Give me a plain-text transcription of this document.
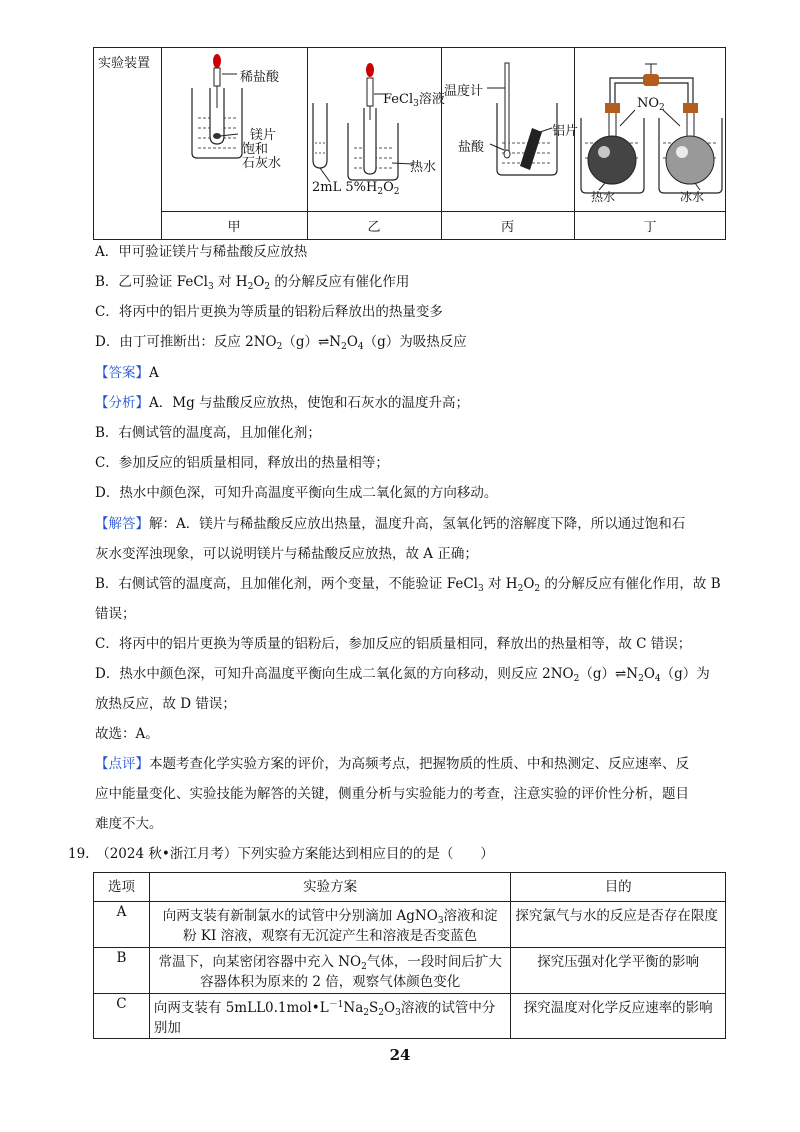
实验装置
稀盐酸
镁片
饱和
石灰水
FeCl$_3$溶液
热水
2mL $5\%H_2O_2$
温度计
盐酸
铝片
$NO_2$
热水	冰水
甲	乙	丙	丁
A．甲可验证镁片与稀盐酸反应放热
B．乙可验证 FeCl$_3$ 对 $H_2O_2$ 的分解反应有催化作用
C．将丙中的铝片更换为等质量的铝粉后释放出的热量变多
D．由丁可推断出：反应 $2NO_2(g)\rightleftharpoons N_2O_4(g)$为吸热反应
【答案】A
【分析】A．Mg 与盐酸反应放热，使饱和石灰水的温度升高；
B．右侧试管的温度高，且加催化剂；
C．参加反应的铝质量相同，释放出的热量相等；
D．热水中颜色深，可知升高温度平衡向生成二氧化氮的方向移动。
【解答】解：A．镁片与稀盐酸反应放出热量，温度升高，氢氧化钙的溶解度下降，所以通过饱和石
灰水变浑浊现象，可以说明镁片与稀盐酸反应放热，故 A 正确；
B．右侧试管的温度高，且加催化剂，两个变量，不能验证 FeCl$_3$ 对 $H_2O_2$ 的分解反应有催化作用，故 B
错误；
C．将丙中的铝片更换为等质量的铝粉后，参加反应的铝质量相同，释放出的热量相等，故 C 错误；
D．热水中颜色深，可知升高温度平衡向生成二氧化氮的方向移动，则反应 $2NO_2(g)\rightleftharpoons N_2O_4(g)$为
放热反应，故 D 错误；
故选：A。
【点评】本题考查化学实验方案的评价，为高频考点，把握物质的性质、中和热测定、反应速率、反
应中能量变化、实验技能为解答的关键，侧重分析与实验能力的考查，注意实验的评价性分析，题目
难度不大。
19.　（2024 秋•浙江月考）下列实验方案能达到相应目的的是（　　）
选项	实验方案	目的
A	向两支装有新制氯水的试管中分别滴加 AgNO$_3$溶液和淀
粉 KI 溶液，观察有无沉淀产生和溶液是否变蓝色	探究氯气与水的反应是否存在限度
B	常温下，向某密闭容器中充入 $NO_2$气体，一段时间后扩大
容器体积为原来的 2 倍，观察气体颜色变化	探究压强对化学平衡的影响
C	向两支装有 $5mLL0.1mol•L^{-1}Na_2S_2O_3$溶液的试管中分别加	探究温度对化学反应速率的影响
24
